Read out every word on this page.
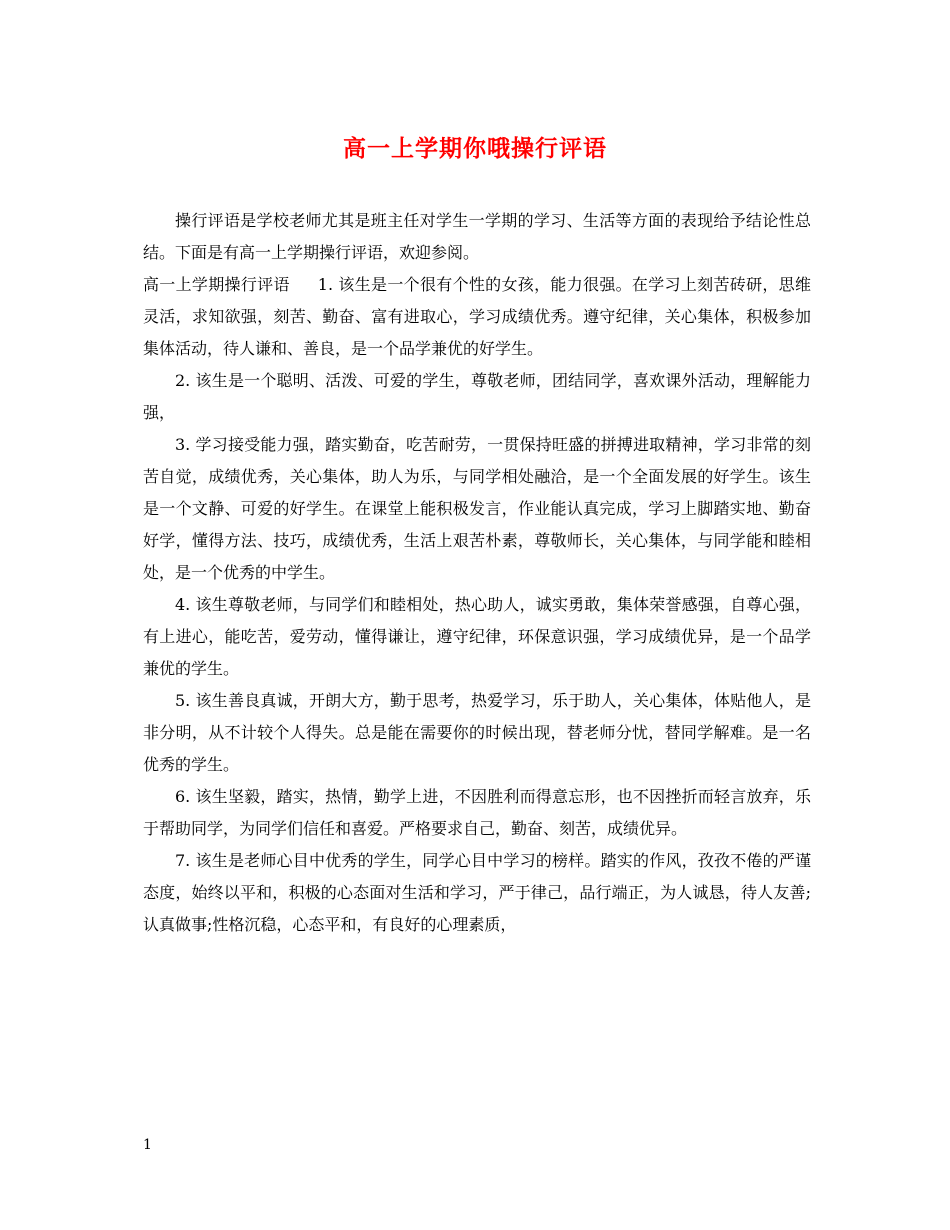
高一上学期你哦操行评语

操行评语是学校老师尤其是班主任对学生一学期的学习、生活等方面的表现给予结论性总结。下面是有高一上学期操行评语，欢迎参阅。

高一上学期操行评语 1. 该生是一个很有个性的女孩，能力很强。在学习上刻苦砖研，思维灵活，求知欲强，刻苦、勤奋、富有进取心，学习成绩优秀。遵守纪律，关心集体，积极参加集体活动，待人谦和、善良，是一个品学兼优的好学生。

2. 该生是一个聪明、活泼、可爱的学生，尊敬老师，团结同学，喜欢课外活动，理解能力强，

3. 学习接受能力强，踏实勤奋，吃苦耐劳，一贯保持旺盛的拼搏进取精神，学习非常的刻苦自觉，成绩优秀，关心集体，助人为乐，与同学相处融洽，是一个全面发展的好学生。该生是一个文静、可爱的好学生。在课堂上能积极发言，作业能认真完成，学习上脚踏实地、勤奋好学，懂得方法、技巧，成绩优秀，生活上艰苦朴素，尊敬师长，关心集体，与同学能和睦相处，是一个优秀的中学生。

4. 该生尊敬老师，与同学们和睦相处，热心助人，诚实勇敢，集体荣誉感强，自尊心强，有上进心，能吃苦，爱劳动，懂得谦让，遵守纪律，环保意识强，学习成绩优异，是一个品学兼优的学生。

5. 该生善良真诚，开朗大方，勤于思考，热爱学习，乐于助人，关心集体，体贴他人，是非分明，从不计较个人得失。总是能在需要你的时候出现，替老师分忧，替同学解难。是一名优秀的学生。

6. 该生坚毅，踏实，热情，勤学上进，不因胜利而得意忘形，也不因挫折而轻言放弃，乐于帮助同学，为同学们信任和喜爱。严格要求自己，勤奋、刻苦，成绩优异。

7. 该生是老师心目中优秀的学生，同学心目中学习的榜样。踏实的作风，孜孜不倦的严谨态度，始终以平和，积极的心态面对生活和学习，严于律己，品行端正，为人诚恳，待人友善;认真做事;性格沉稳，心态平和，有良好的心理素质，

1
